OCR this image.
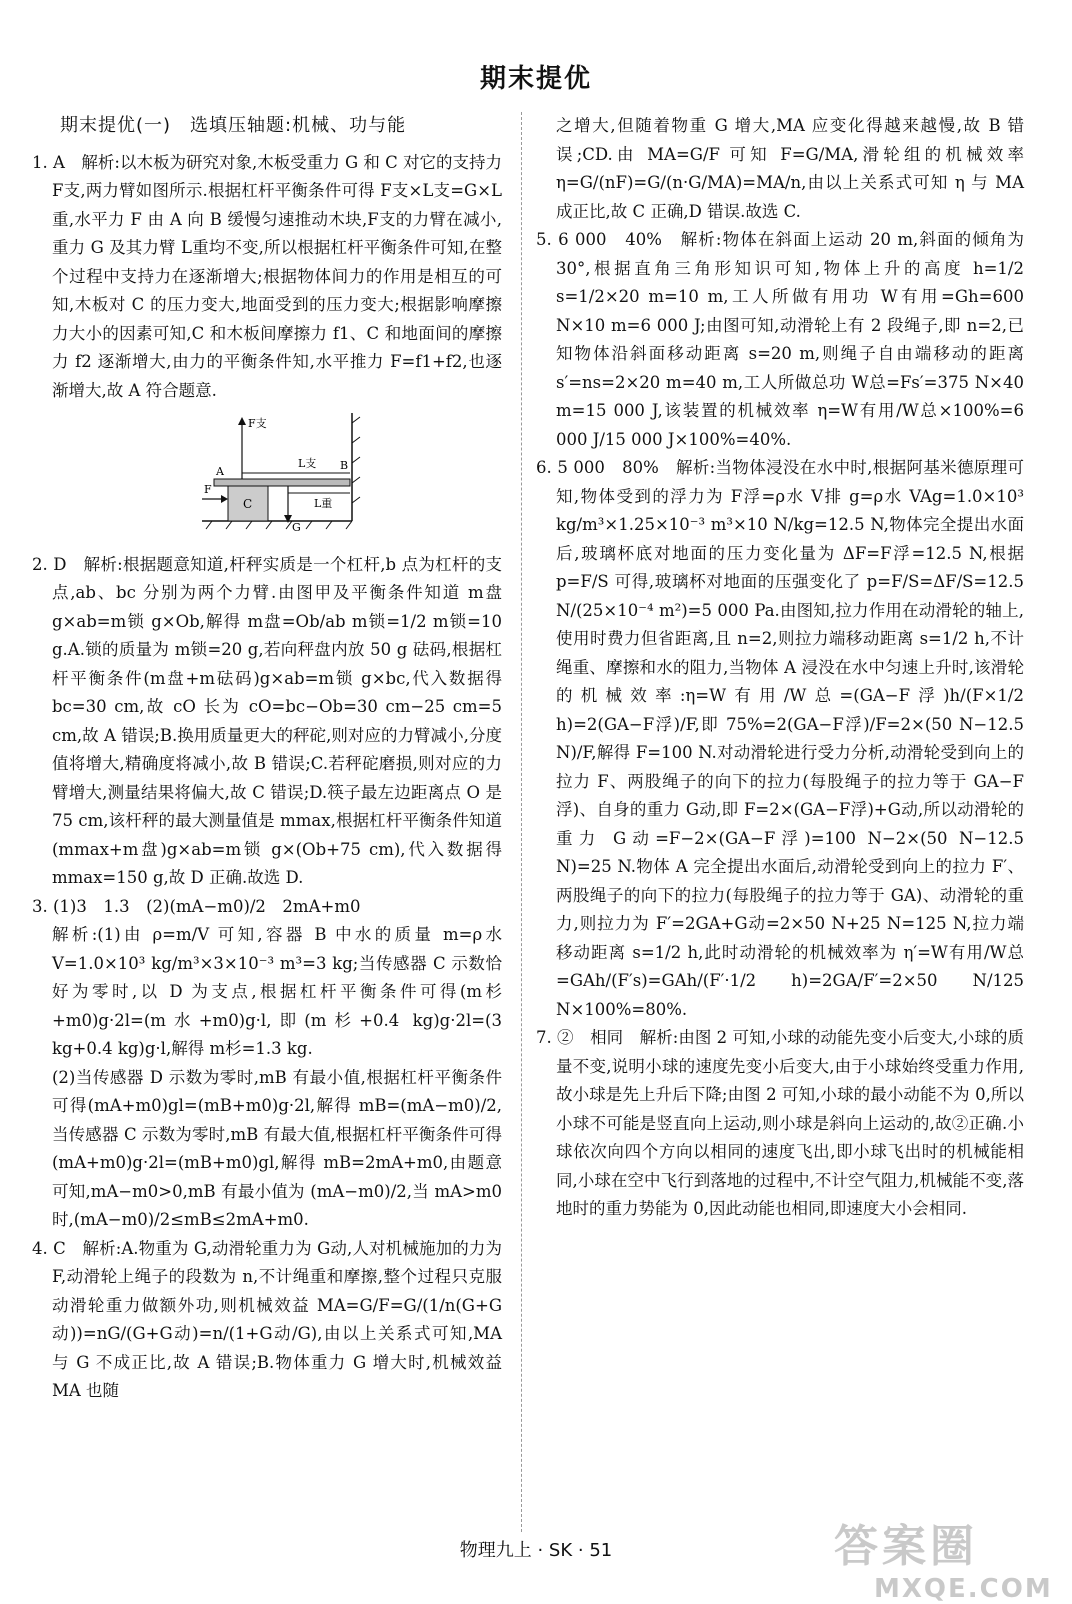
期末提优
期末提优(一)　选填压轴题:机械、功与能

1. A　解析:以木板为研究对象,木板受重力 G 和 C 对它的支持力 F支,两力臂如图所示.根据杠杆平衡条件可得 F支×L支=G×L重,水平力 F 由 A 向 B 缓慢匀速推动木块,F支的力臂在减小,重力 G 及其力臂 L重均不变,所以根据杠杆平衡条件可知,在整个过程中支持力在逐渐增大;根据物体间力的作用是相互的可知,木板对 C 的压力变大,地面受到的压力变大;根据影响摩擦力大小的因素可知,C 和木板间摩擦力 f1、C 和地面间的摩擦力 f2 逐渐增大,由力的平衡条件知,水平推力 F=f1+f2,也逐渐增大,故 A 符合题意.

F支
A	B
F
C
L支
L重
G

2. D　解析:根据题意知道,杆秤实质是一个杠杆,b 点为杠杆的支点,ab、bc 分别为两个力臂.由图甲及平衡条件知道 m盘 g×ab=m锁 g×Ob,解得 m盘=Ob/ab m锁=1/2 m锁=10 g.A.锁的质量为 m锁=20 g,若向秤盘内放 50 g 砝码,根据杠杆平衡条件(m盘+m砝码)g×ab=m锁 g×bc,代入数据得 bc=30 cm,故 cO 长为 cO=bc−Ob=30 cm−25 cm=5 cm,故 A 错误;B.换用质量更大的秤砣,则对应的力臂减小,分度值将增大,精确度将减小,故 B 错误;C.若秤砣磨损,则对应的力臂增大,测量结果将偏大,故 C 错误;D.筷子最左边距离点 O 是 75 cm,该杆秤的最大测量值是 mmax,根据杠杆平衡条件知道(mmax+m盘)g×ab=m锁 g×(Ob+75 cm),代入数据得 mmax=150 g,故 D 正确.故选 D.

3. (1)3　1.3　(2)(mA−m0)/2　2mA+m0

解析:(1)由 ρ=m/V 可知,容器 B 中水的质量 m=ρ水 V=1.0×10³ kg/m³×3×10⁻³ m³=3 kg;当传感器 C 示数恰好为零时,以 D 为支点,根据杠杆平衡条件可得(m杉+m0)g·2l=(m水+m0)g·l,即(m杉+0.4 kg)g·2l=(3 kg+0.4 kg)g·l,解得 m杉=1.3 kg.

(2)当传感器 D 示数为零时,mB 有最小值,根据杠杆平衡条件可得(mA+m0)gl=(mB+m0)g·2l,解得 mB=(mA−m0)/2,当传感器 C 示数为零时,mB 有最大值,根据杠杆平衡条件可得(mA+m0)g·2l=(mB+m0)gl,解得 mB=2mA+m0,由题意可知,mA−m0>0,mB 有最小值为 (mA−m0)/2,当 mA>m0 时,(mA−m0)/2≤mB≤2mA+m0.

4. C　解析:A.物重为 G,动滑轮重力为 G动,人对机械施加的力为 F,动滑轮上绳子的段数为 n,不计绳重和摩擦,整个过程只克服动滑轮重力做额外功,则机械效益 MA=G/F=G/(1/n(G+G动))=nG/(G+G动)=n/(1+G动/G),由以上关系式可知,MA 与 G 不成正比,故 A 错误;B.物体重力 G 增大时,机械效益 MA 也随

之增大,但随着物重 G 增大,MA 应变化得越来越慢,故 B 错误;CD.由 MA=G/F 可知 F=G/MA,滑轮组的机械效率 η=G/(nF)=G/(n·G/MA)=MA/n,由以上关系式可知 η 与 MA 成正比,故 C 正确,D 错误.故选 C.

5. 6 000　40%　解析:物体在斜面上运动 20 m,斜面的倾角为 30°,根据直角三角形知识可知,物体上升的高度 h=1/2 s=1/2×20 m=10 m,工人所做有用功 W有用=Gh=600 N×10 m=6 000 J;由图可知,动滑轮上有 2 段绳子,即 n=2,已知物体沿斜面移动距离 s=20 m,则绳子自由端移动的距离 s′=ns=2×20 m=40 m,工人所做总功 W总=Fs′=375 N×40 m=15 000 J,该装置的机械效率 η=W有用/W总×100%=6 000 J/15 000 J×100%=40%.

6. 5 000　80%　解析:当物体浸没在水中时,根据阿基米德原理可知,物体受到的浮力为 F浮=ρ水 V排 g=ρ水 VAg=1.0×10³ kg/m³×1.25×10⁻³ m³×10 N/kg=12.5 N,物体完全提出水面后,玻璃杯底对地面的压力变化量为 ΔF=F浮=12.5 N,根据 p=F/S 可得,玻璃杯对地面的压强变化了 p=F/S=ΔF/S=12.5 N/(25×10⁻⁴ m²)=5 000 Pa.由图知,拉力作用在动滑轮的轴上,使用时费力但省距离,且 n=2,则拉力端移动距离 s=1/2 h,不计绳重、摩擦和水的阻力,当物体 A 浸没在水中匀速上升时,该滑轮的机械效率:η=W有用/W总=(GA−F浮)h/(F×1/2 h)=2(GA−F浮)/F,即 75%=2(GA−F浮)/F=2×(50 N−12.5 N)/F,解得 F=100 N.对动滑轮进行受力分析,动滑轮受到向上的拉力 F、两股绳子的向下的拉力(每股绳子的拉力等于 GA−F浮)、自身的重力 G动,即 F=2×(GA−F浮)+G动,所以动滑轮的重力 G动=F−2×(GA−F浮)=100 N−2×(50 N−12.5 N)=25 N.物体 A 完全提出水面后,动滑轮受到向上的拉力 F′、两股绳子的向下的拉力(每股绳子的拉力等于 GA)、动滑轮的重力,则拉力为 F′=2GA+G动=2×50 N+25 N=125 N,拉力端移动距离 s=1/2 h,此时动滑轮的机械效率为 η′=W有用/W总=GAh/(F′s)=GAh/(F′·1/2 h)=2GA/F′=2×50 N/125 N×100%=80%.

7. ②　相同　解析:由图 2 可知,小球的动能先变小后变大,小球的质量不变,说明小球的速度先变小后变大,由于小球始终受重力作用,故小球是先上升后下降;由图 2 可知,小球的最小动能不为 0,所以小球不可能是竖直向上运动,则小球是斜向上运动的,故②正确.小球依次向四个方向以相同的速度飞出,即小球飞出时的机械能相同,小球在空中飞行到落地的过程中,不计空气阻力,机械能不变,落地时的重力势能为 0,因此动能也相同,即速度大小会相同.

物理九上 · SK · 51	答案圈
MXQE.COM
